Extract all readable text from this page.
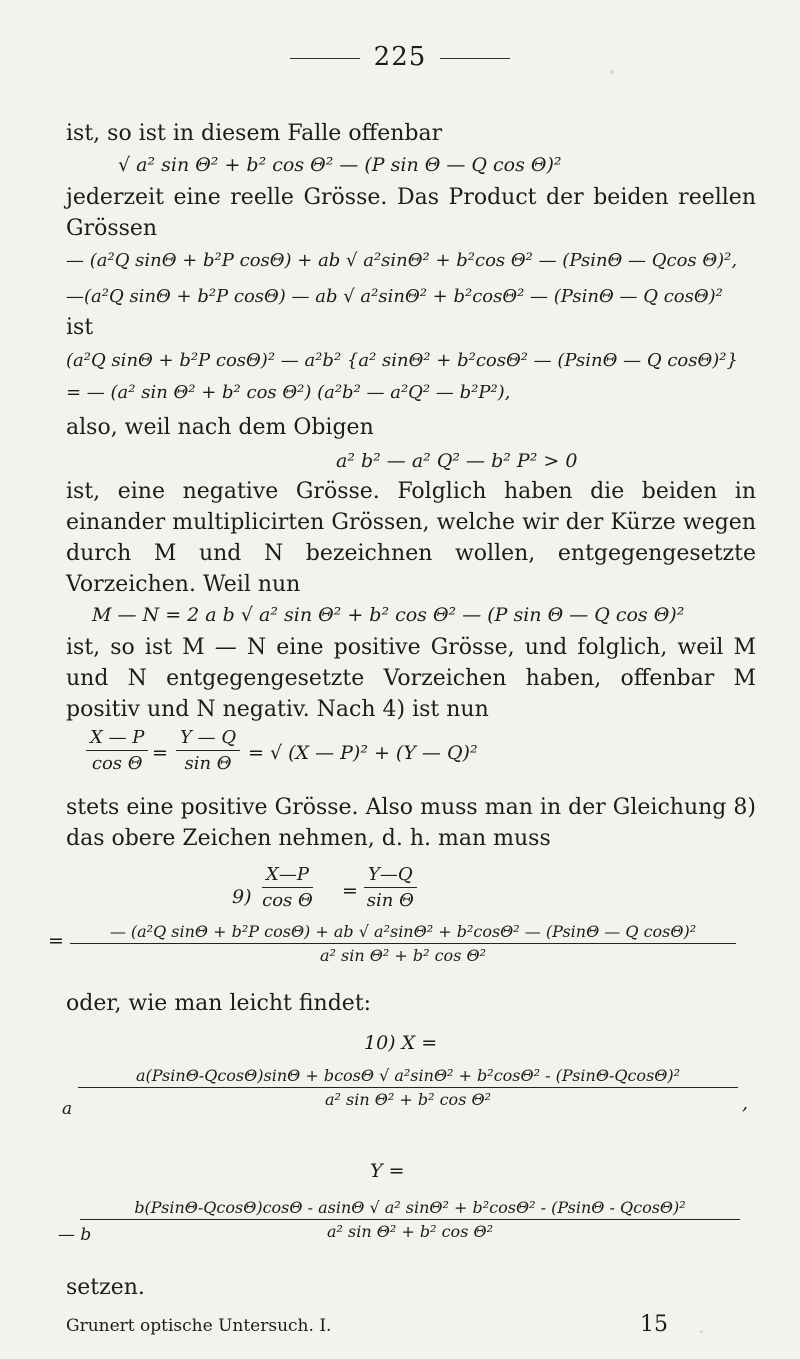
225
ist, so ist in diesem Falle offenbar
√ a² sin Θ² + b² cos Θ² — (P sin Θ — Q cos Θ)²
jederzeit eine reelle Grösse. Das Product der beiden reellen Grössen
— (a²Q sinΘ + b²P cosΘ) + ab √ a²sinΘ² + b²cos Θ² — (PsinΘ — Qcos Θ)²,
—(a²Q sinΘ + b²P cosΘ) — ab √ a²sinΘ² + b²cosΘ² — (PsinΘ — Q cosΘ)²
ist
(a²Q sinΘ + b²P cosΘ)² — a²b² {a² sinΘ² + b²cosΘ² — (PsinΘ — Q cosΘ)²}
= — (a² sin Θ² + b² cos Θ²) (a²b² — a²Q² — b²P²),
also, weil nach dem Obigen
a² b² — a² Q² — b² P² > 0
ist, eine negative Grösse. Folglich haben die beiden in einander multiplicirten Grössen, welche wir der Kürze wegen durch M und N bezeichnen wollen, entgegengesetzte Vorzeichen. Weil nun
M — N = 2 a b √ a² sin Θ² + b² cos Θ² — (P sin Θ — Q cos Θ)²
ist, so ist M — N eine positive Grösse, und folglich, weil M und N entgegengesetzte Vorzeichen haben, offenbar M positiv und N negativ. Nach 4) ist nun
$\frac{X — P}{\text{cos Θ}} = \frac{Y — Q}{\text{sin Θ}}$ = √ (X — P)² + (Y — Q)²
stets eine positive Grösse. Also muss man in der Gleichung 8) das obere Zeichen nehmen, d. h. man muss
$9) \frac{X—P}{\text{cos Θ}} = \frac{Y—Q}{\text{sin Θ}}$
=	— (a²Q sinΘ + b²P cosΘ) + ab √ a²sinΘ² + b²cosΘ² — (PsinΘ — Q cosΘ)²
a² sin Θ² + b² cos Θ²
oder, wie man leicht findet:
10) X =
a
a(PsinΘ-QcosΘ)sinΘ + bcosΘ √ a²sinΘ² + b²cosΘ² - (PsinΘ-QcosΘ)²
a² sin Θ² + b² cos Θ²	,
Y =
— b
b(PsinΘ-QcosΘ)cosΘ - asinΘ √ a² sinΘ² + b²cosΘ² - (PsinΘ - QcosΘ)²
a² sin Θ² + b² cos Θ²
setzen.
Grunert optische Untersuch. I.	15
